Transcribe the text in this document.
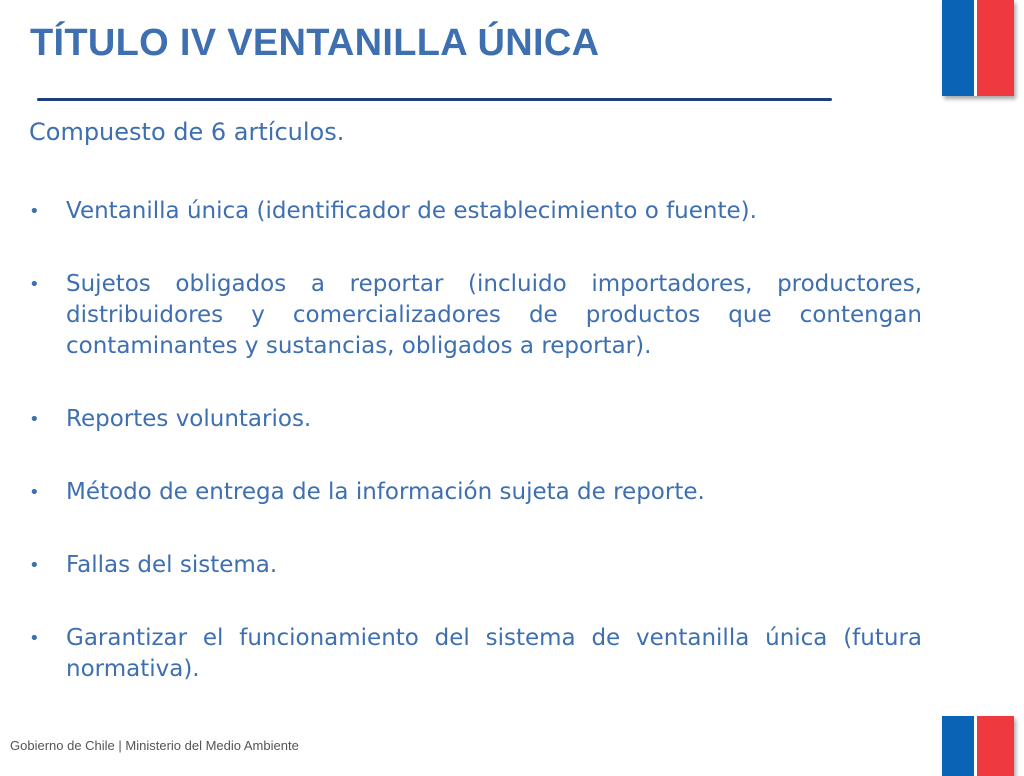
TÍTULO IV VENTANILLA ÚNICA

Compuesto de 6 artículos.

• Ventanilla única (identificador de establecimiento o fuente).
• Sujetos obligados a reportar (incluido importadores, productores, distribuidores y comercializadores de productos que contengan contaminantes y sustancias, obligados a reportar).
• Reportes voluntarios.
• Método de entrega de la información sujeta de reporte.
• Fallas del sistema.
• Garantizar el funcionamiento del sistema de ventanilla única (futura normativa).

Gobierno de Chile | Ministerio del Medio Ambiente
